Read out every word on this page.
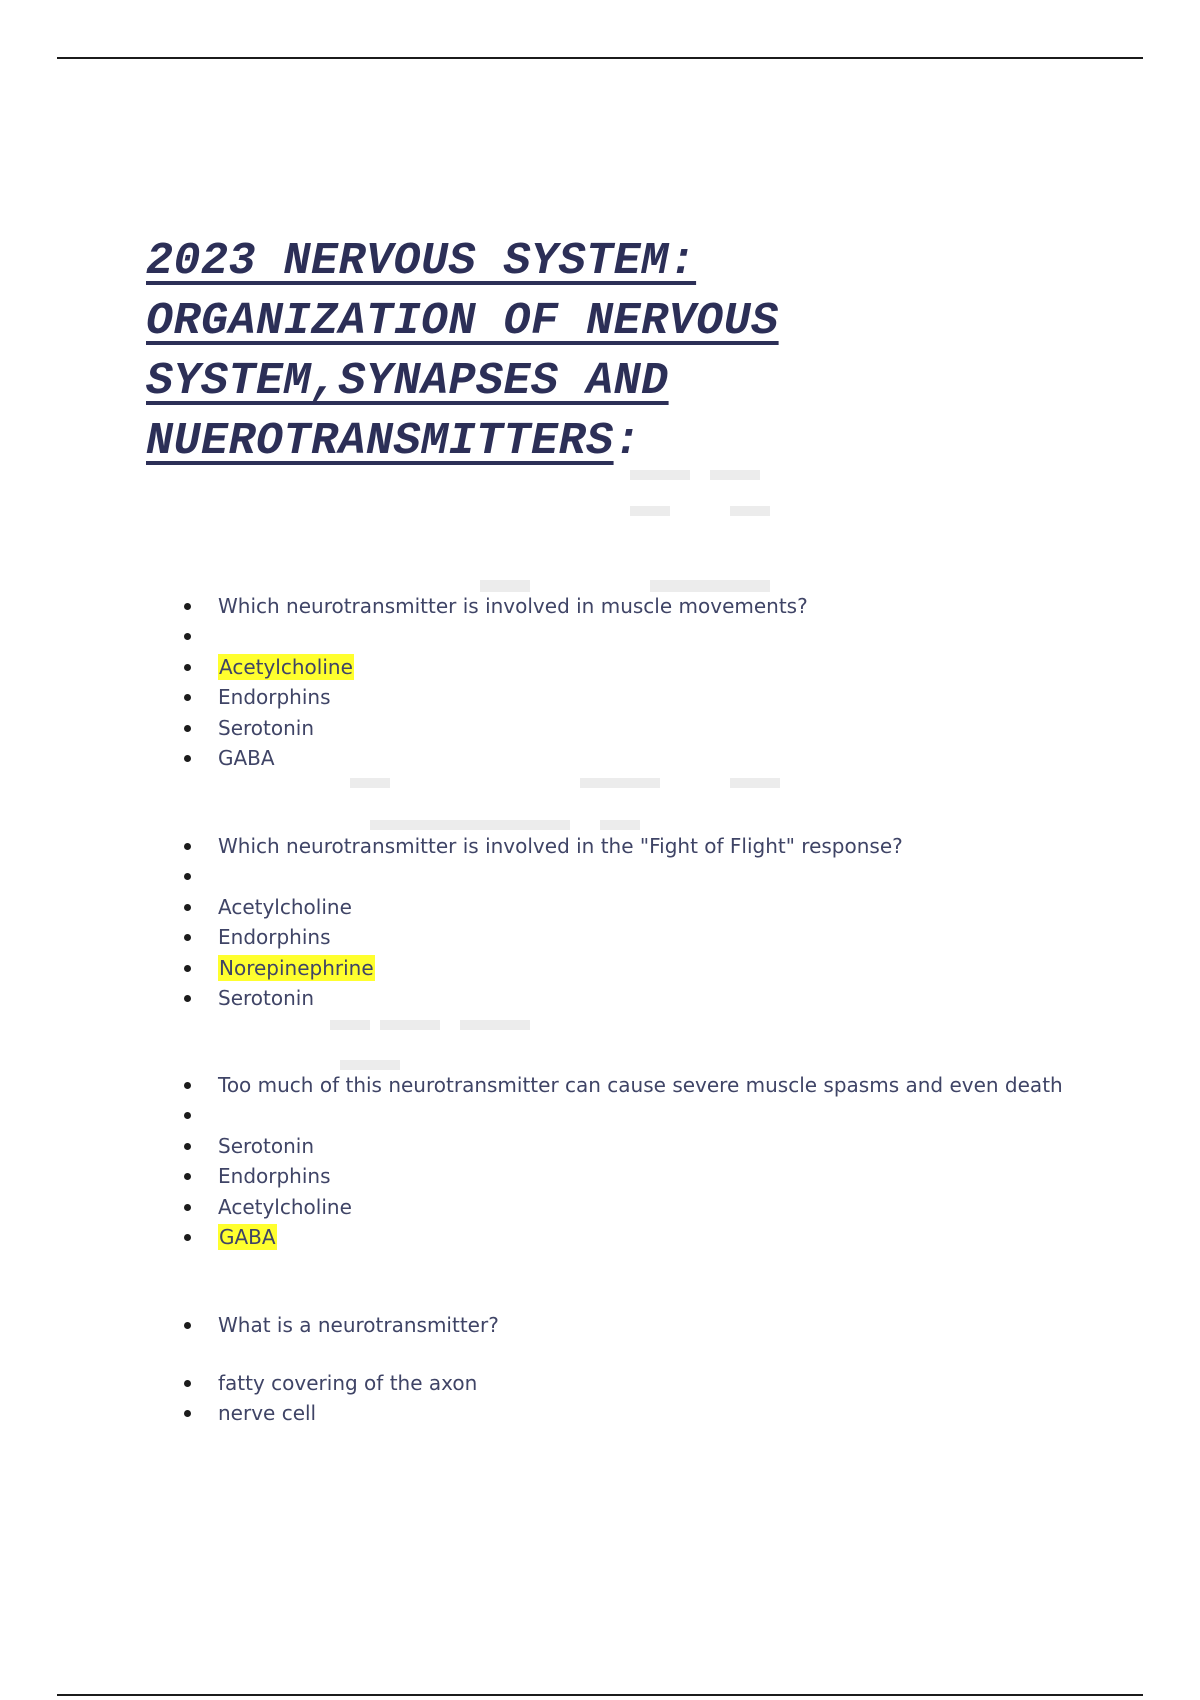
2023 NERVOUS SYSTEM:
ORGANIZATION OF NERVOUS
SYSTEM,SYNAPSES AND
NUEROTRANSMITTERS:
Which neurotransmitter is involved in muscle movements?
Acetylcholine
Endorphins
Serotonin
GABA
Which neurotransmitter is involved in the "Fight of Flight" response?
Acetylcholine
Endorphins
Norepinephrine
Serotonin
Too much of this neurotransmitter can cause severe muscle spasms and even death
Serotonin
Endorphins
Acetylcholine
GABA
What is a neurotransmitter?
fatty covering of the axon
nerve cell
